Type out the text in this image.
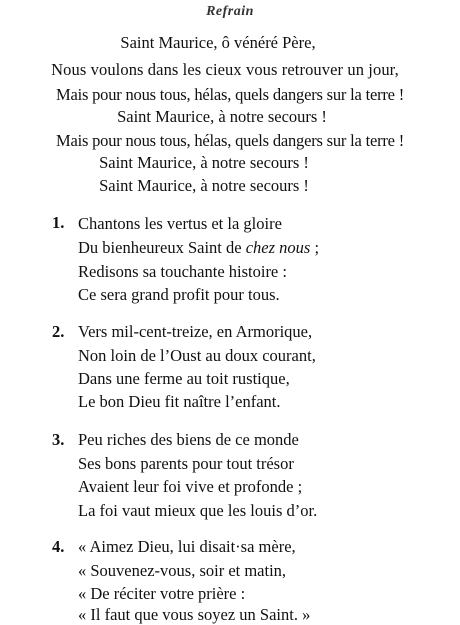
Refrain
Saint Maurice, ô vénéré Père,
Nous voulons dans les cieux vous retrouver un jour,
Mais pour nous tous, hélas, quels dangers sur la terre !
Saint Maurice, à notre secours !
Mais pour nous tous, hélas, quels dangers sur la terre !
Saint Maurice, à notre secours !
Saint Maurice, à notre secours !
1. Chantons les vertus et la gloire
Du bienheureux Saint de chez nous ;
Redisons sa touchante histoire :
Ce sera grand profit pour tous.
2. Vers mil-cent-treize, en Armorique,
Non loin de l’Oust au doux courant,
Dans une ferme au toit rustique,
Le bon Dieu fit naître l’enfant.
3. Peu riches des biens de ce monde
Ses bons parents pour tout trésor
Avaient leur foi vive et profonde ;
La foi vaut mieux que les louis d’or.
4. « Aimez Dieu, lui disait·sa mère,
« Souvenez-vous, soir et matin,
« De réciter votre prière :
« Il faut que vous soyez un Saint. »
